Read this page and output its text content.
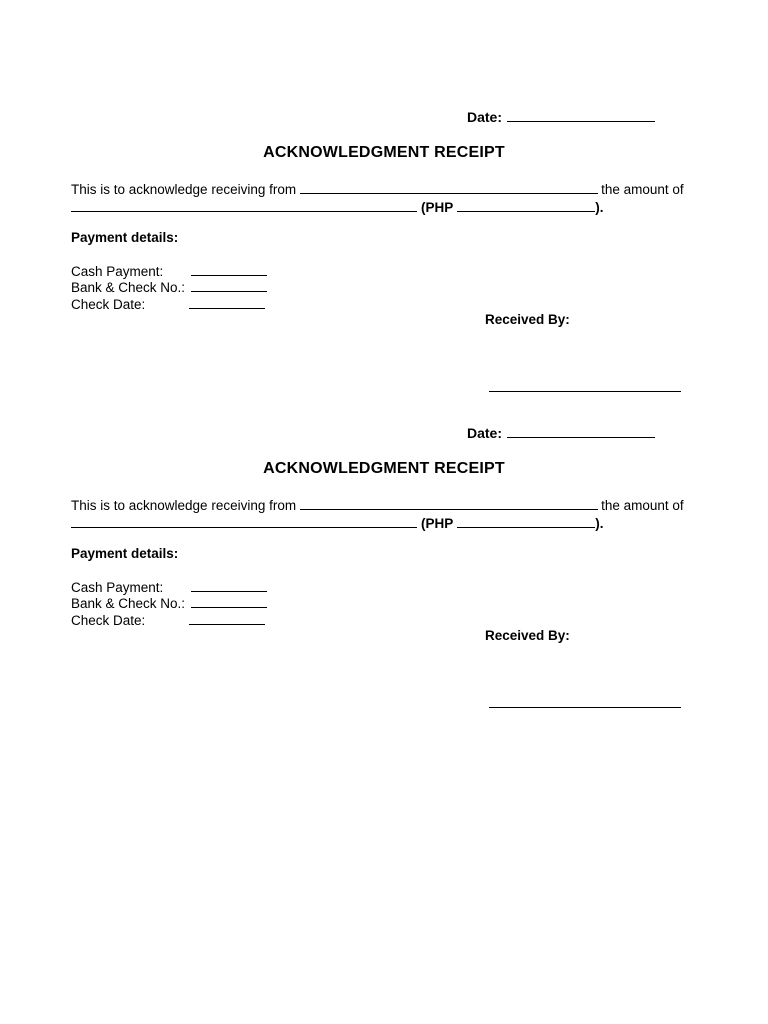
Date:
ACKNOWLEDGMENT RECEIPT
This is to acknowledge receiving from	the amount of
(PHP	).
Payment details:
Cash Payment:
Bank & Check No.:
Check Date:
Received By:
Date:
ACKNOWLEDGMENT RECEIPT
This is to acknowledge receiving from	the amount of
(PHP	).
Payment details:
Cash Payment:
Bank & Check No.:
Check Date:
Received By:
